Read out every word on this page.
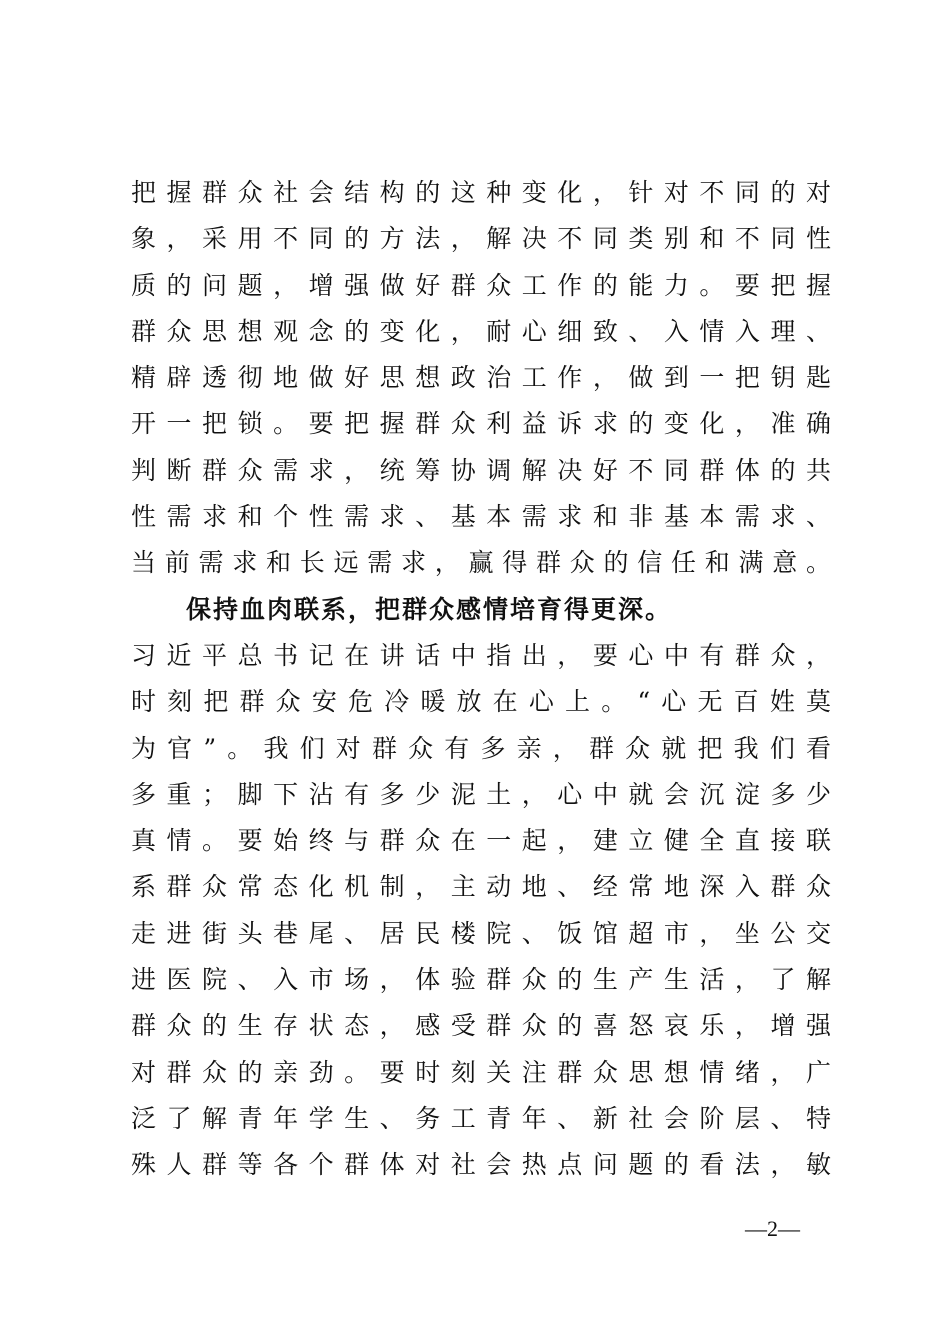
把握群众社会结构的这种变化，针对不同的对
象，采用不同的方法，解决不同类别和不同性
质的问题，增强做好群众工作的能力。要把握
群众思想观念的变化，耐心细致、入情入理、
精辟透彻地做好思想政治工作，做到一把钥匙
开一把锁。要把握群众利益诉求的变化，准确
判断群众需求，统筹协调解决好不同群体的共
性需求和个性需求、基本需求和非基本需求、
当前需求和长远需求，赢得群众的信任和满意。
保持血肉联系，把群众感情培育得更深。
习近平总书记在讲话中指出，要心中有群众，
时刻把群众安危冷暖放在心上。“心无百姓莫
为官”。我们对群众有多亲，群众就把我们看
多重；脚下沾有多少泥土，心中就会沉淀多少
真情。要始终与群众在一起，建立健全直接联
系群众常态化机制，主动地、经常地深入群众
走进街头巷尾、居民楼院、饭馆超市，坐公交
进医院、入市场，体验群众的生产生活，了解
群众的生存状态，感受群众的喜怒哀乐，增强
对群众的亲劲。要时刻关注群众思想情绪，广
泛了解青年学生、务工青年、新社会阶层、特
殊人群等各个群体对社会热点问题的看法，敏
—2—
